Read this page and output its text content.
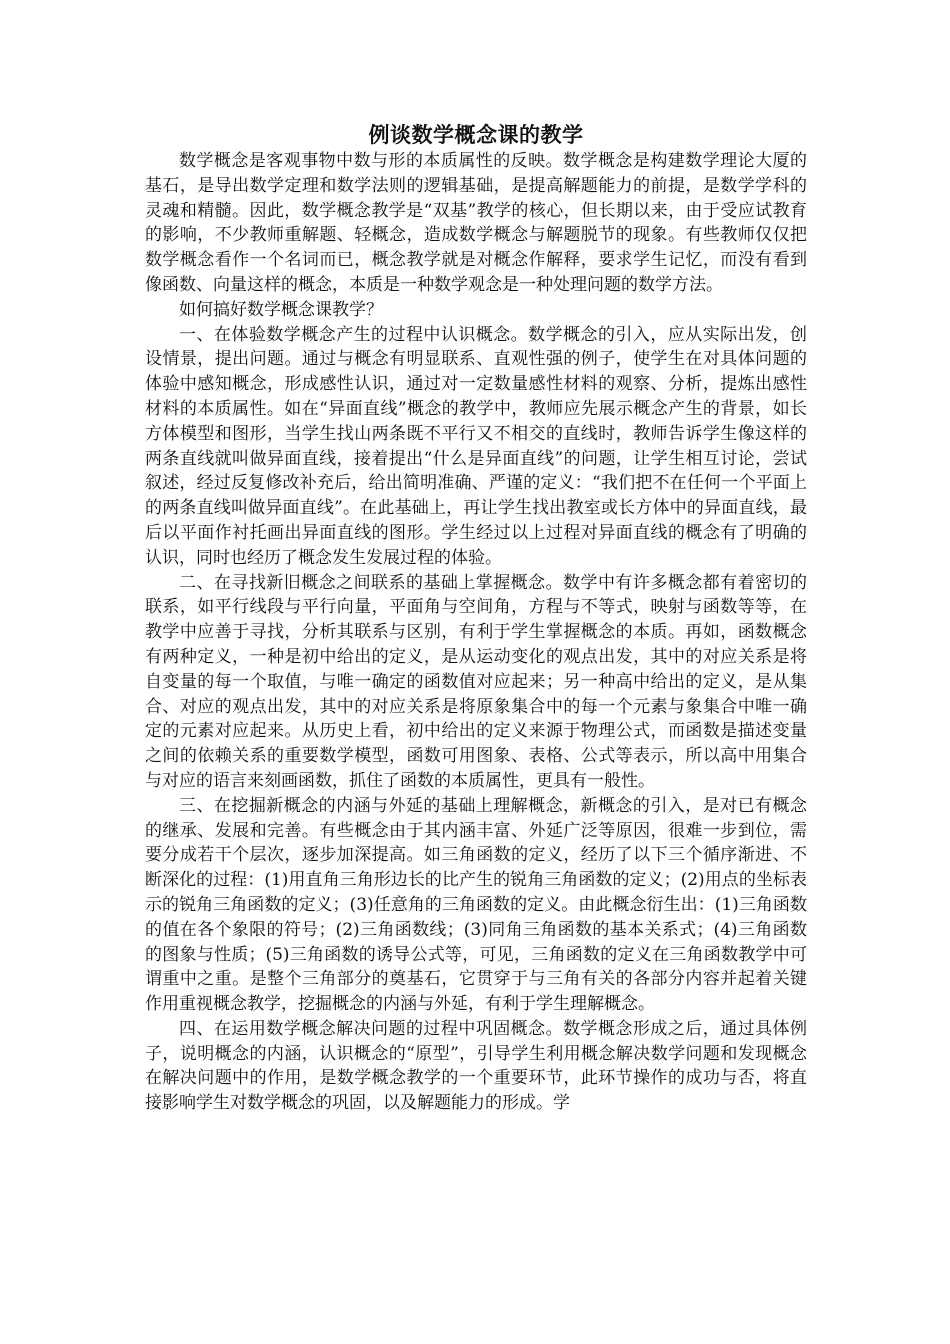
例谈数学概念课的教学

数学概念是客观事物中数与形的本质属性的反映。数学概念是构建数学理论大厦的基石，是导出数学定理和数学法则的逻辑基础，是提高解题能力的前提，是数学学科的灵魂和精髓。因此，数学概念教学是“双基”教学的核心，但长期以来，由于受应试教育的影响，不少教师重解题、轻概念，造成数学概念与解题脱节的现象。有些教师仅仅把数学概念看作一个名词而已，概念教学就是对概念作解释，要求学生记忆，而没有看到像函数、向量这样的概念，本质是一种数学观念是一种处理问题的数学方法。

如何搞好数学概念课教学？

一、在体验数学概念产生的过程中认识概念。数学概念的引入，应从实际出发，创设情景，提出问题。通过与概念有明显联系、直观性强的例子，使学生在对具体问题的体验中感知概念，形成感性认识，通过对一定数量感性材料的观察、分析，提炼出感性材料的本质属性。如在“异面直线”概念的教学中，教师应先展示概念产生的背景，如长方体模型和图形，当学生找山两条既不平行又不相交的直线时，教师告诉学生像这样的两条直线就叫做异面直线，接着提出“什么是异面直线”的问题，让学生相互讨论，尝试叙述，经过反复修改补充后，给出简明准确、严谨的定义：“我们把不在任何一个平面上的两条直线叫做异面直线”。在此基础上，再让学生找出教室或长方体中的异面直线，最后以平面作衬托画出异面直线的图形。学生经过以上过程对异面直线的概念有了明确的认识，同时也经历了概念发生发展过程的体验。

二、在寻找新旧概念之间联系的基础上掌握概念。数学中有许多概念都有着密切的联系，如平行线段与平行向量，平面角与空间角，方程与不等式，映射与函数等等，在教学中应善于寻找，分析其联系与区别，有利于学生掌握概念的本质。再如，函数概念有两种定义，一种是初中给出的定义，是从运动变化的观点出发，其中的对应关系是将自变量的每一个取值，与唯一确定的函数值对应起来；另一种高中给出的定义，是从集合、对应的观点出发，其中的对应关系是将原象集合中的每一个元素与象集合中唯一确定的元素对应起来。从历史上看，初中给出的定义来源于物理公式，而函数是描述变量之间的依赖关系的重要数学模型，函数可用图象、表格、公式等表示，所以高中用集合与对应的语言来刻画函数，抓住了函数的本质属性，更具有一般性。

三、在挖掘新概念的内涵与外延的基础上理解概念，新概念的引入，是对已有概念的继承、发展和完善。有些概念由于其内涵丰富、外延广泛等原因，很难一步到位，需要分成若干个层次，逐步加深提高。如三角函数的定义，经历了以下三个循序渐进、不断深化的过程：(1)用直角三角形边长的比产生的锐角三角函数的定义；(2)用点的坐标表示的锐角三角函数的定义；(3)任意角的三角函数的定义。由此概念衍生出：(1)三角函数的值在各个象限的符号；(2)三角函数线；(3)同角三角函数的基本关系式；(4)三角函数的图象与性质；(5)三角函数的诱导公式等，可见，三角函数的定义在三角函数教学中可谓重中之重。是整个三角部分的奠基石，它贯穿于与三角有关的各部分内容并起着关键作用重视概念教学，挖掘概念的内涵与外延，有利于学生理解概念。

四、在运用数学概念解决问题的过程中巩固概念。数学概念形成之后，通过具体例子，说明概念的内涵，认识概念的“原型”，引导学生利用概念解决数学问题和发现概念在解决问题中的作用，是数学概念教学的一个重要环节，此环节操作的成功与否，将直接影响学生对数学概念的巩固，以及解题能力的形成。学
